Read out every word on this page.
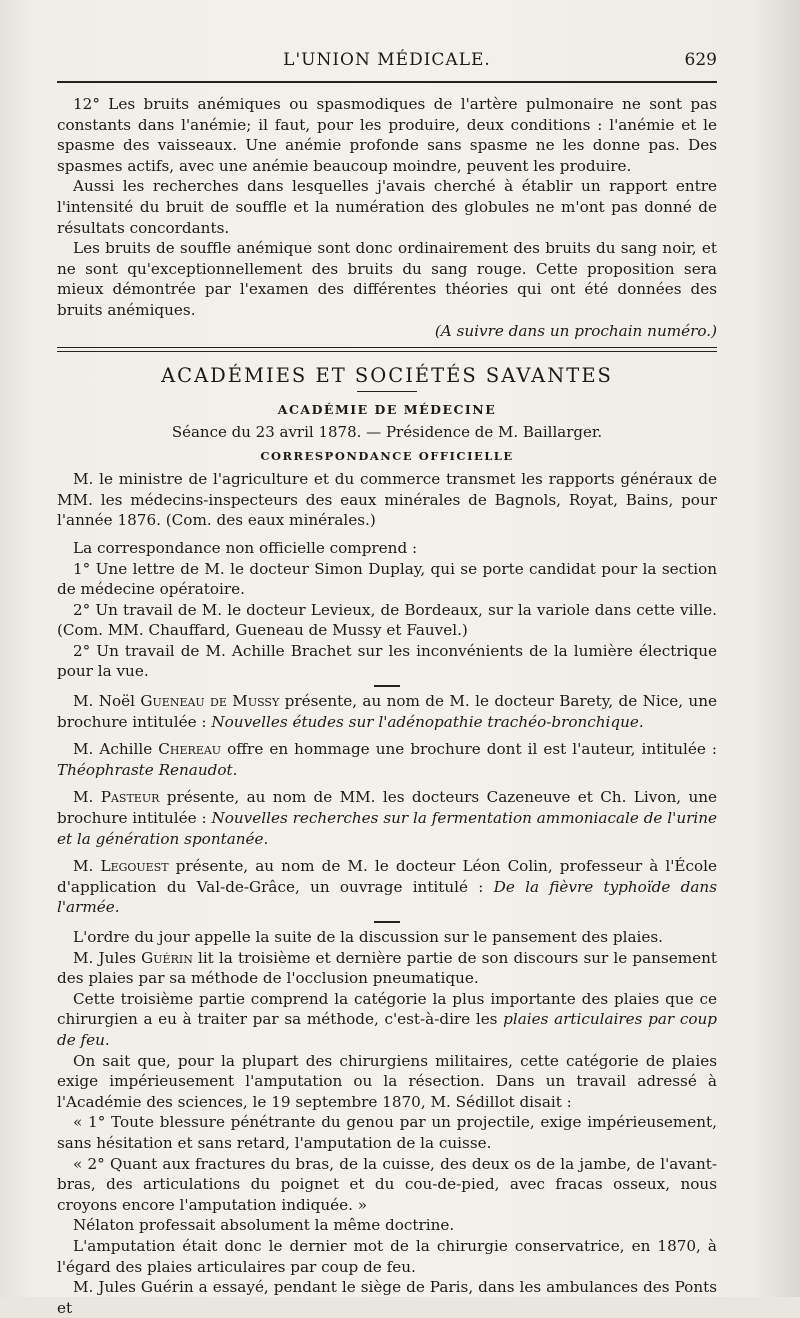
L'UNION MÉDICALE.	629

12° Les bruits anémiques ou spasmodiques de l'artère pulmonaire ne sont pas constants dans l'anémie; il faut, pour les produire, deux conditions : l'anémie et le spasme des vaisseaux. Une anémie profonde sans spasme ne les donne pas. Des spasmes actifs, avec une anémie beaucoup moindre, peuvent les produire.

Aussi les recherches dans lesquelles j'avais cherché à établir un rapport entre l'intensité du bruit de souffle et la numération des globules ne m'ont pas donné de résultats concordants.

Les bruits de souffle anémique sont donc ordinairement des bruits du sang noir, et ne sont qu'exceptionnellement des bruits du sang rouge. Cette proposition sera mieux démontrée par l'examen des différentes théories qui ont été données des bruits anémiques.

(A suivre dans un prochain numéro.)

ACADÉMIES ET SOCIÉTÉS SAVANTES
ACADÉMIE DE MÉDECINE
Séance du 23 avril 1878. — Présidence de M. Baillarger.
CORRESPONDANCE OFFICIELLE

M. le ministre de l'agriculture et du commerce transmet les rapports généraux de MM. les médecins-inspecteurs des eaux minérales de Bagnols, Royat, Bains, pour l'année 1876. (Com. des eaux minérales.)

La correspondance non officielle comprend :

1° Une lettre de M. le docteur Simon Duplay, qui se porte candidat pour la section de médecine opératoire.

2° Un travail de M. le docteur Levieux, de Bordeaux, sur la variole dans cette ville. (Com. MM. Chauffard, Gueneau de Mussy et Fauvel.)

2° Un travail de M. Achille Brachet sur les inconvénients de la lumière électrique pour la vue.

M. Noël Gueneau de Mussy présente, au nom de M. le docteur Barety, de Nice, une brochure intitulée : Nouvelles études sur l'adénopathie trachéo-bronchique.

M. Achille Chereau offre en hommage une brochure dont il est l'auteur, intitulée : Théophraste Renaudot.

M. Pasteur présente, au nom de MM. les docteurs Cazeneuve et Ch. Livon, une brochure intitulée : Nouvelles recherches sur la fermentation ammoniacale de l'urine et la génération spontanée.

M. Legouest présente, au nom de M. le docteur Léon Colin, professeur à l'École d'application du Val-de-Grâce, un ouvrage intitulé : De la fièvre typhoïde dans l'armée.

L'ordre du jour appelle la suite de la discussion sur le pansement des plaies.

M. Jules Guérin lit la troisième et dernière partie de son discours sur le pansement des plaies par sa méthode de l'occlusion pneumatique.

Cette troisième partie comprend la catégorie la plus importante des plaies que ce chirurgien a eu à traiter par sa méthode, c'est-à-dire les plaies articulaires par coup de feu.

On sait que, pour la plupart des chirurgiens militaires, cette catégorie de plaies exige impérieusement l'amputation ou la résection. Dans un travail adressé à l'Académie des sciences, le 19 septembre 1870, M. Sédillot disait :

« 1° Toute blessure pénétrante du genou par un projectile, exige impérieusement, sans hésitation et sans retard, l'amputation de la cuisse.

« 2° Quant aux fractures du bras, de la cuisse, des deux os de la jambe, de l'avant-bras, des articulations du poignet et du cou-de-pied, avec fracas osseux, nous croyons encore l'amputation indiquée. »

Nélaton professait absolument la même doctrine.

L'amputation était donc le dernier mot de la chirurgie conservatrice, en 1870, à l'égard des plaies articulaires par coup de feu.

M. Jules Guérin a essayé, pendant le siège de Paris, dans les ambulances des Ponts et
